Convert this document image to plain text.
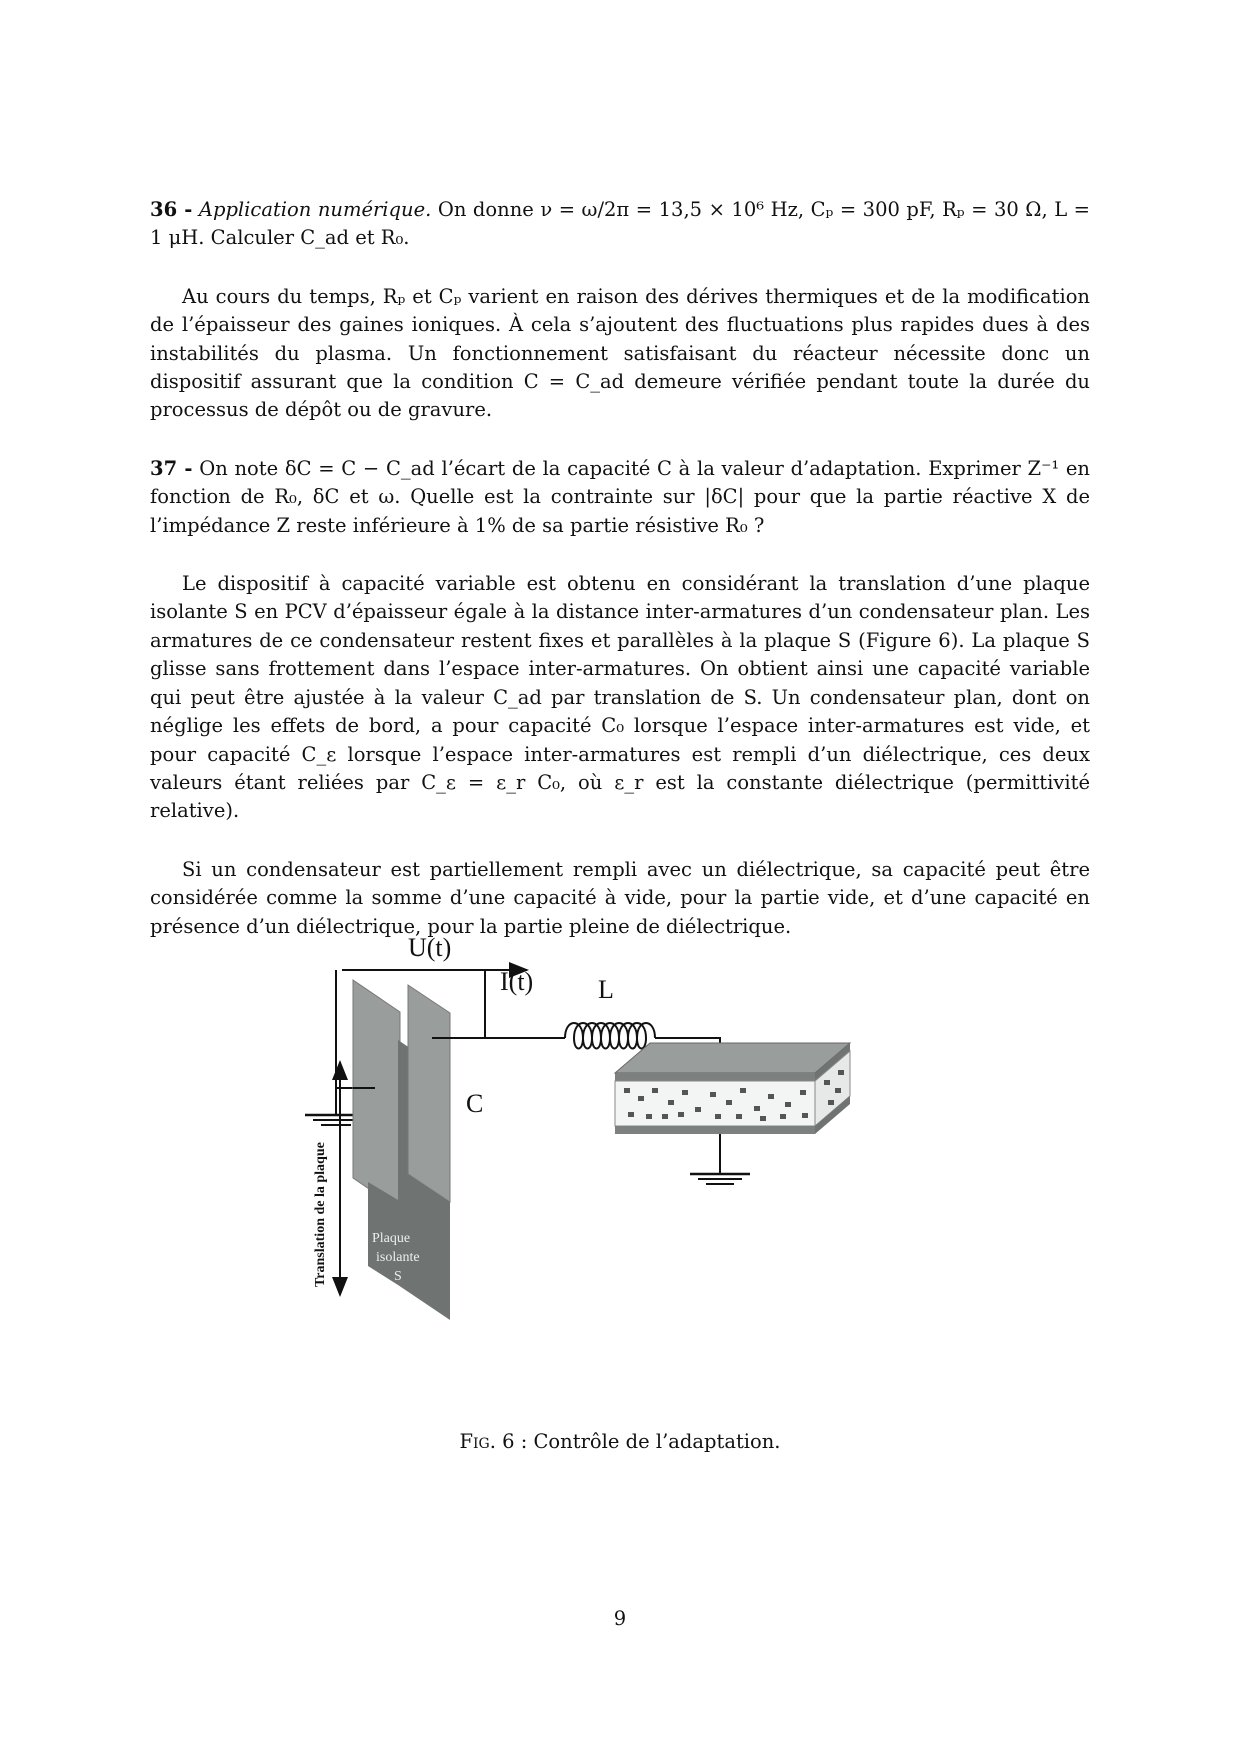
36 - Application numérique. On donne ν = ω/2π = 13,5 × 10⁶ Hz, Cₚ = 300 pF, Rₚ = 30 Ω, L = 1 μH. Calculer C_ad et R₀.

Au cours du temps, Rₚ et Cₚ varient en raison des dérives thermiques et de la modification de l’épaisseur des gaines ioniques. À cela s’ajoutent des fluctuations plus rapides dues à des instabilités du plasma. Un fonctionnement satisfaisant du réacteur nécessite donc un dispositif assurant que la condition C = C_ad demeure vérifiée pendant toute la durée du processus de dépôt ou de gravure.

37 - On note δC = C − C_ad l’écart de la capacité C à la valeur d’adaptation. Exprimer Z⁻¹ en fonction de R₀, δC et ω. Quelle est la contrainte sur |δC| pour que la partie réactive X de l’impédance Z reste inférieure à 1% de sa partie résistive R₀ ?

Le dispositif à capacité variable est obtenu en considérant la translation d’une plaque isolante S en PCV d’épaisseur égale à la distance inter-armatures d’un condensateur plan. Les armatures de ce condensateur restent fixes et parallèles à la plaque S (Figure 6). La plaque S glisse sans frottement dans l’espace inter-armatures. On obtient ainsi une capacité variable qui peut être ajustée à la valeur C_ad par translation de S. Un condensateur plan, dont on néglige les effets de bord, a pour capacité C₀ lorsque l’espace inter-armatures est vide, et pour capacité C_ε lorsque l’espace inter-armatures est rempli d’un diélectrique, ces deux valeurs étant reliées par C_ε = ε_r C₀, où ε_r est la constante diélectrique (permittivité relative).

Si un condensateur est partiellement rempli avec un diélectrique, sa capacité peut être considérée comme la somme d’une capacité à vide, pour la partie vide, et d’une capacité en présence d’un diélectrique, pour la partie pleine de diélectrique.

U(t)
Plaque
isolante
S
I(t) L
C
Translation de la plaque
Fig. 6 : Contrôle de l’adaptation.
9
